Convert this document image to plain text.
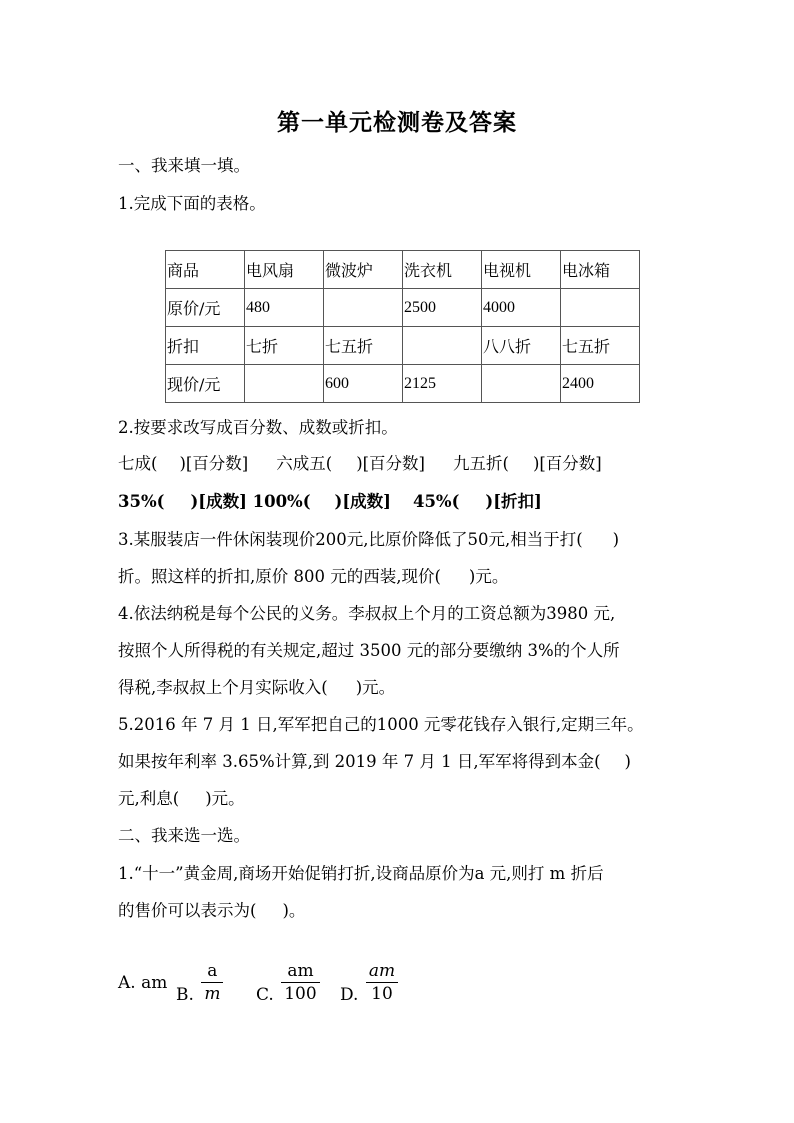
第一单元检测卷及答案
一、我来填一填。
1.完成下面的表格。
商品	电风扇	微波炉	洗衣机	电视机	电冰箱
原价/元	480		2500	4000	
折扣	七折	七五折		八八折	七五折
现价/元		600	2125		2400
2.按要求改写成百分数、成数或折扣。
七成( )[百分数] 六成五( )[百分数] 九五折( )[百分数]
35%( )[成数] 100%( )[成数] 45%( )[折扣]
3.某服装店一件休闲装现价200元,比原价降低了50元,相当于打( )
折。照这样的折扣,原价 800 元的西装,现价( )元。
4.依法纳税是每个公民的义务。李叔叔上个月的工资总额为3980 元,
按照个人所得税的有关规定,超过 3500 元的部分要缴纳 3%的个人所
得税,李叔叔上个月实际收入( )元。
5.2016 年 7 月 1 日,军军把自己的1000 元零花钱存入银行,定期三年。
如果按年利率 3.65%计算,到 2019 年 7 月 1 日,军军将得到本金( )
元,利息( )元。
二、我来选一选。
1.“十一”黄金周,商场开始促销打折,设商品原价为a 元,则打 m 折后
的售价可以表示为( )。
A. am
B. $\frac{a}{m} C$. $\frac{am}{100} D$. $\frac{am}{10}$
